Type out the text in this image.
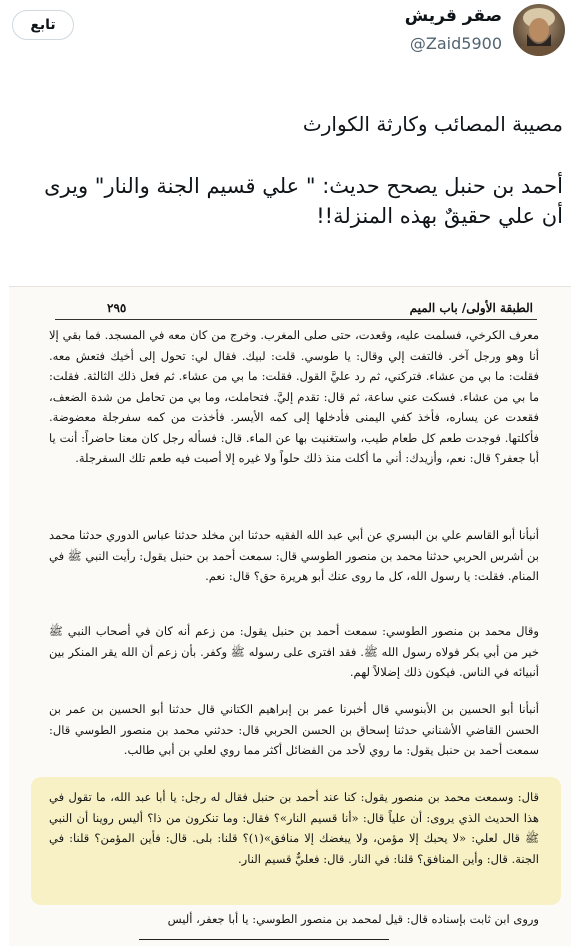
تابع	صقر قريش
@Zaid5900
مصيبة المصائب وكارثة الكوارث
أحمد بن حنبل يصحح حديث: " علي قسيم الجنة والنار" ويرى
أن علي حقيقٌ بهذه المنزلة!!
٢٩٥	الطبقة الأولى/ باب الميم
معرف الكرخي، فسلمت عليه، وقعدت، حتى صلى المغرب. وخرج من كان معه في المسجد. فما بقي إلا أنا وهو ورجل آخر. فالتفت إلي وقال: يا طوسي. قلت: لبيك. فقال لي: تحول إلى أخيك فتعش معه. فقلت: ما بي من عشاء. فتركني، ثم رد عليَّ القول. فقلت: ما بي من عشاء. ثم فعل ذلك الثالثة. فقلت: ما بي من عشاء. فسكت عني ساعة، ثم قال: تقدم إليَّ. فتحاملت، وما بي من تحامل من شدة الضعف، فقعدت عن يساره، فأخذ كفي اليمنى فأدخلها إلى كمه الأيسر. فأخذت من كمه سفرجلة معضوضة. فأكلتها. فوجدت طعم كل طعام طيب، واستغنيت بها عن الماء. قال: فسأله رجل كان معنا حاضراً: أنت يا أبا جعفر؟ قال: نعم، وأزيدك: أني ما أكلت منذ ذلك حلواً ولا غيره إلا أصبت فيه طعم تلك السفرجلة.
أنبأنا أبو القاسم علي بن البسري عن أبي عبد الله الفقيه حدثنا ابن مخلد حدثنا عباس الدوري حدثنا محمد بن أشرس الحربي حدثنا محمد بن منصور الطوسي قال: سمعت أحمد بن حنبل يقول: رأيت النبي ﷺ في المنام. فقلت: يا رسول الله، كل ما روى عنك أبو هريرة حق؟ قال: نعم.
وقال محمد بن منصور الطوسي: سمعت أحمد بن حنبل يقول: من زعم أنه كان في أصحاب النبي ﷺ خير من أبي بكر فولاه رسول الله ﷺ. فقد افترى على رسوله ﷺ وكفر. بأن زعم أن الله يقر المنكر بين أنبيائه في الناس. فيكون ذلك إضلالاً لهم.
أنبأنا أبو الحسين بن الأبنوسي قال أخبرنا عمر بن إبراهيم الكتاني قال حدثنا أبو الحسين بن عمر بن الحسن القاضي الأشناني حدثنا إسحاق بن الحسن الحربي قال: حدثني محمد بن منصور الطوسي قال: سمعت أحمد بن حنبل يقول: ما روي لأحد من الفضائل أكثر مما روي لعلي بن أبي طالب.
قال: وسمعت محمد بن منصور يقول: كنا عند أحمد بن حنبل فقال له رجل: يا أبا عبد الله، ما تقول في هذا الحديث الذي يروى: أن علياً قال: «أنا قسيم النار»؟ فقال: وما تنكرون من ذا؟ أليس روينا أن النبي ﷺ قال لعلي: «لا يحبك إلا مؤمن، ولا يبغضك إلا منافق»(١)؟ قلنا: بلى. قال: فأين المؤمن؟ قلنا: في الجنة. قال: وأين المنافق؟ قلنا: في النار. قال: فعليٌّ قسيم النار.
وروى ابن ثابت بإسناده قال: قيل لمحمد بن منصور الطوسي: يا أبا جعفر، أليس
